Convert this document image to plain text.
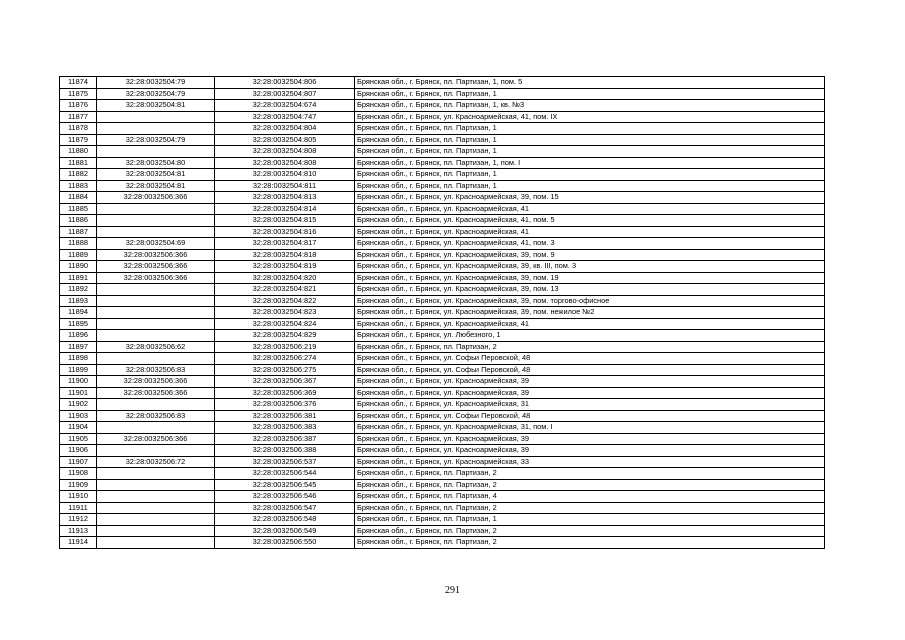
11874	32:28:0032504:79	32:28:0032504:806	Брянская обл., г. Брянск, пл. Партизан, 1, пом. 5
11875	32:28:0032504:79	32:28:0032504:807	Брянская обл., г. Брянск, пл. Партизан, 1
11876	32:28:0032504:81	32:28:0032504:674	Брянская обл., г. Брянск, пл. Партизан, 1, кв. №3
11877		32:28:0032504:747	Брянская обл., г. Брянск, ул. Красноармейская, 41, пом. IX
11878		32:28:0032504:804	Брянская обл., г. Брянск, пл. Партизан, 1
11879	32:28:0032504:79	32:28:0032504:805	Брянская обл., г. Брянск, пл. Партизан, 1
11880		32:28:0032504:808	Брянская обл., г. Брянск, пл. Партизан, 1
11881	32:28:0032504:80	32:28:0032504:808	Брянская обл., г. Брянск, пл. Партизан, 1, пом. I
11882	32:28:0032504:81	32:28:0032504:810	Брянская обл., г. Брянск, пл. Партизан, 1
11883	32:28:0032504:81	32:28:0032504:811	Брянская обл., г. Брянск, пл. Партизан, 1
11884	32:28:0032506:366	32:28:0032504:813	Брянская обл., г. Брянск, ул. Красноармейская, 39, пом. 15
11885		32:28:0032504:814	Брянская обл., г. Брянск, ул. Красноармейская, 41
11886		32:28:0032504:815	Брянская обл., г. Брянск, ул. Красноармейская, 41, пом. 5
11887		32:28:0032504:816	Брянская обл., г. Брянск, ул. Красноармейская, 41
11888	32:28:0032504:69	32:28:0032504:817	Брянская обл., г. Брянск, ул. Красноармейская, 41, пом. 3
11889	32:28:0032506:366	32:28:0032504:818	Брянская обл., г. Брянск, ул. Красноармейская, 39, пом. 9
11890	32:28:0032506:366	32:28:0032504:819	Брянская обл., г. Брянск, ул. Красноармейская, 39, кв. III, пом. 3
11891	32:28:0032506:366	32:28:0032504:820	Брянская обл., г. Брянск, ул. Красноармейская, 39, пом. 19
11892		32:28:0032504:821	Брянская обл., г. Брянск, ул. Красноармейская, 39, пом. 13
11893		32:28:0032504:822	Брянская обл., г. Брянск, ул. Красноармейская, 39, пом. торгово-офисное
11894		32:28:0032504:823	Брянская обл., г. Брянск, ул. Красноармейская, 39, пом. нежилое №2
11895		32:28:0032504:824	Брянская обл., г. Брянск, ул. Красноармейская, 41
11896		32:28:0032504:829	Брянская обл., г. Брянск, ул. Любезного, 1
11897	32:28:0032506:62	32:28:0032506:219	Брянская обл., г. Брянск, пл. Партизан, 2
11898		32:28:0032506:274	Брянская обл., г. Брянск, ул. Софьи Перовской, 48
11899	32:28:0032506:83	32:28:0032506:275	Брянская обл., г. Брянск, ул. Софьи Перовской, 48
11900	32:28:0032506:366	32:28:0032506:367	Брянская обл., г. Брянск, ул. Красноармейская, 39
11901	32:28:0032506:366	32:28:0032506:369	Брянская обл., г. Брянск, ул. Красноармейская, 39
11902		32:28:0032506:376	Брянская обл., г. Брянск, ул. Красноармейская, 31
11903	32:28:0032506:83	32:28:0032506:381	Брянская обл., г. Брянск, ул. Софьи Перовской, 48
11904		32:28:0032506:383	Брянская обл., г. Брянск, ул. Красноармейская, 31, пом. I
11905	32:28:0032506:366	32:28:0032506:387	Брянская обл., г. Брянск, ул. Красноармейская, 39
11906		32:28:0032506:388	Брянская обл., г. Брянск, ул. Красноармейская, 39
11907	32:28:0032506:72	32:28:0032506:537	Брянская обл., г. Брянск, ул. Красноармейская, 33
11908		32:28:0032506:544	Брянская обл., г. Брянск, пл. Партизан, 2
11909		32:28:0032506:545	Брянская обл., г. Брянск, пл. Партизан, 2
11910		32:28:0032506:546	Брянская обл., г. Брянск, пл. Партизан, 4
11911		32:28:0032506:547	Брянская обл., г. Брянск, пл. Партизан, 2
11912		32:28:0032506:548	Брянская обл., г. Брянск, пл. Партизан, 1
11913		32:28:0032506:549	Брянская обл., г. Брянск, пл. Партизан, 2
11914		32:28:0032506:550	Брянская обл., г. Брянск, пл. Партизан, 2
291
